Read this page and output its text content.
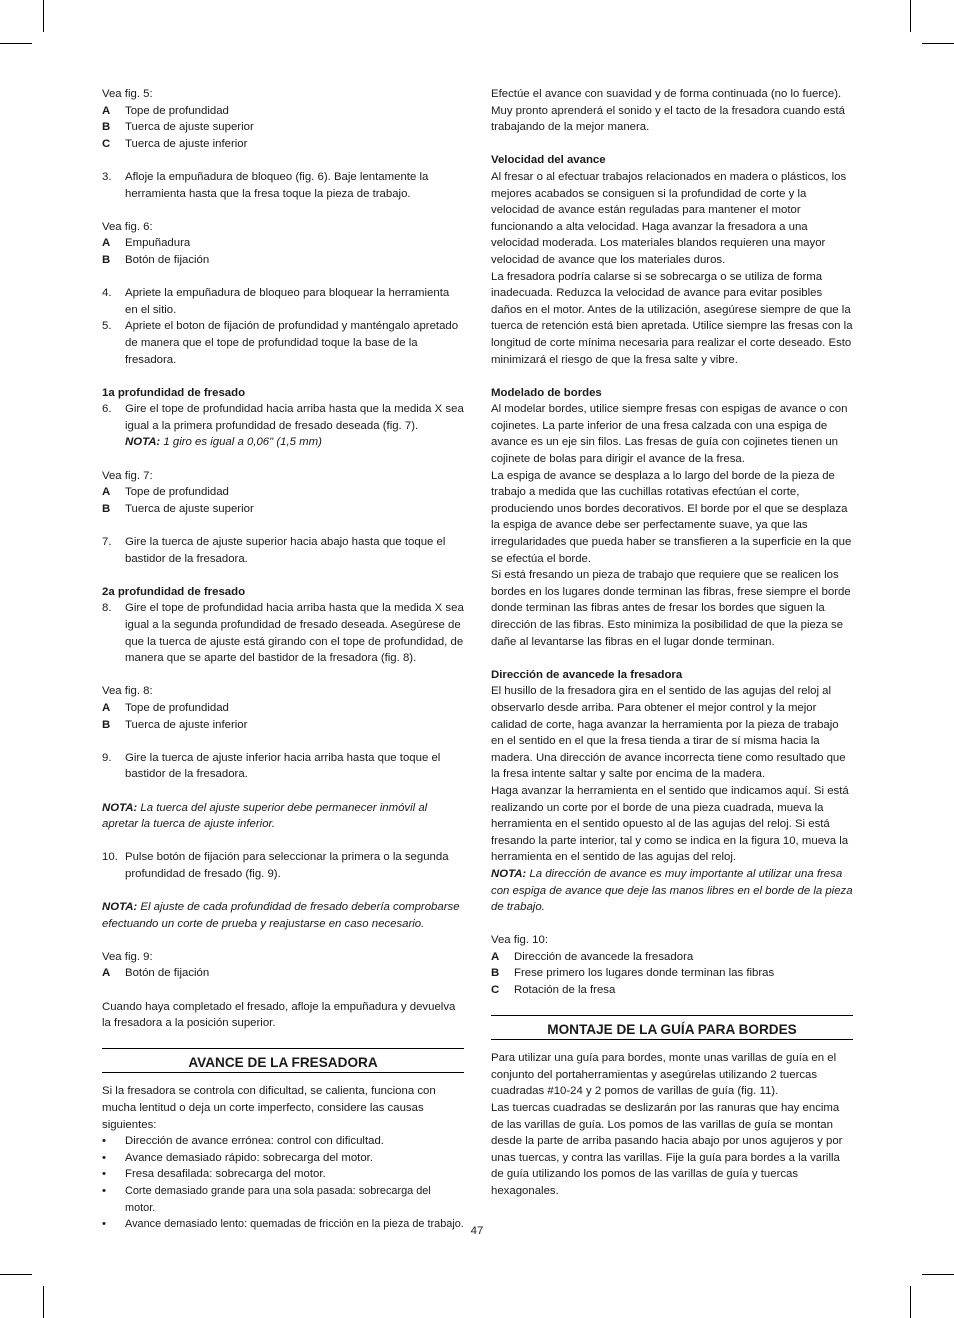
Vea fig. 5:
A	Tope de profundidad
B	Tuerca de ajuste superior
C	Tuerca de ajuste inferior
3.	Afloje la empuñadura de bloqueo (fig. 6). Baje lentamente la herramienta hasta que la fresa toque la pieza de trabajo.
Vea fig. 6:
A	Empuñadura
B	Botón de fijación
4.	Apriete la empuñadura de bloqueo para bloquear la herramienta en el sitio.
5.	Apriete el boton de fijación de profundidad y manténgalo apretado de manera que el tope de profundidad toque la base de la fresadora.
1a profundidad de fresado
6.	Gire el tope de profundidad hacia arriba hasta que la medida X sea igual a la primera profundidad de fresado deseada (fig. 7).
NOTA: 1 giro es igual a 0,06" (1,5 mm)
Vea fig. 7:
A	Tope de profundidad
B	Tuerca de ajuste superior
7.	Gire la tuerca de ajuste superior hacia abajo hasta que toque el bastidor de la fresadora.
2a profundidad de fresado
8.	Gire el tope de profundidad hacia arriba hasta que la medida X sea igual a la segunda profundidad de fresado deseada. Asegúrese de que la tuerca de ajuste está girando con el tope de profundidad, de manera que se aparte del bastidor de la fresadora (fig. 8).
Vea fig. 8:
A	Tope de profundidad
B	Tuerca de ajuste inferior
9.	Gire la tuerca de ajuste inferior hacia arriba hasta que toque el bastidor de la fresadora.
NOTA: La tuerca del ajuste superior debe permanecer inmóvil al apretar la tuerca de ajuste inferior.
10. Pulse botón de fijación para seleccionar la primera o la segunda profundidad de fresado (fig. 9).
NOTA: El ajuste de cada profundidad de fresado debería comprobarse efectuando un corte de prueba y reajustarse en caso necesario.
Vea fig. 9:
A	Botón de fijación
Cuando haya completado el fresado, afloje la empuñadura y devuelva la fresadora a la posición superior.
AVANCE DE LA FRESADORA
Si la fresadora se controla con dificultad, se calienta, funciona con mucha lentitud o deja un corte imperfecto, considere las causas siguientes:
•	Dirección de avance errónea: control con dificultad.
•	Avance demasiado rápido: sobrecarga del motor.
•	Fresa desafilada: sobrecarga del motor.
•	Corte demasiado grande para una sola pasada: sobrecarga del motor.
•	Avance demasiado lento: quemadas de fricción en la pieza de trabajo.
Efectúe el avance con suavidad y de forma continuada (no lo fuerce). Muy pronto aprenderá el sonido y el tacto de la fresadora cuando está trabajando de la mejor manera.
Velocidad del avance
Al fresar o al efectuar trabajos relacionados en madera o plásticos, los mejores acabados se consiguen si la profundidad de corte y la velocidad de avance están reguladas para mantener el motor funcionando a alta velocidad. Haga avanzar la fresadora a una velocidad moderada. Los materiales blandos requieren una mayor velocidad de avance que los materiales duros.
La fresadora podría calarse si se sobrecarga o se utiliza de forma inadecuada. Reduzca la velocidad de avance para evitar posibles daños en el motor. Antes de la utilización, asegúrese siempre de que la tuerca de retención está bien apretada. Utilice siempre las fresas con la longitud de corte mínima necesaria para realizar el corte deseado. Esto minimizará el riesgo de que la fresa salte y vibre.
Modelado de bordes
Al modelar bordes, utilice siempre fresas con espigas de avance o con cojinetes. La parte inferior de una fresa calzada con una espiga de avance es un eje sin filos. Las fresas de guía con cojinetes tienen un cojinete de bolas para dirigir el avance de la fresa.
La espiga de avance se desplaza a lo largo del borde de la pieza de trabajo a medida que las cuchillas rotativas efectúan el corte, produciendo unos bordes decorativos. El borde por el que se desplaza la espiga de avance debe ser perfectamente suave, ya que las irregularidades que pueda haber se transfieren a la superficie en la que se efectúa el borde.
Si está fresando un pieza de trabajo que requiere que se realicen los bordes en los lugares donde terminan las fibras, frese siempre el borde donde terminan las fibras antes de fresar los bordes que siguen la dirección de las fibras. Esto minimiza la posibilidad de que la pieza se dañe al levantarse las fibras en el lugar donde terminan.
Dirección de avancede la fresadora
El husillo de la fresadora gira en el sentido de las agujas del reloj al observarlo desde arriba. Para obtener el mejor control y la mejor calidad de corte, haga avanzar la herramienta por la pieza de trabajo en el sentido en el que la fresa tienda a tirar de sí misma hacia la madera. Una dirección de avance incorrecta tiene como resultado que la fresa intente saltar y salte por encima de la madera.
Haga avanzar la herramienta en el sentido que indicamos aquí. Si está realizando un corte por el borde de una pieza cuadrada, mueva la herramienta en el sentido opuesto al de las agujas del reloj. Si está fresando la parte interior, tal y como se indica en la figura 10, mueva la herramienta en el sentido de las agujas del reloj.
NOTA: La dirección de avance es muy importante al utilizar una fresa con espiga de avance que deje las manos libres en el borde de la pieza de trabajo.
Vea fig. 10:
A	Dirección de avancede la fresadora
B	Frese primero los lugares donde terminan las fibras
C	Rotación de la fresa
MONTAJE DE LA GUÍA PARA BORDES
Para utilizar una guía para bordes, monte unas varillas de guía en el conjunto del portaherramientas y asegúrelas utilizando 2 tuercas cuadradas #10-24 y 2 pomos de varillas de guía (fig. 11).
Las tuercas cuadradas se deslizarán por las ranuras que hay encima de las varillas de guía. Los pomos de las varillas de guía se montan desde la parte de arriba pasando hacia abajo por unos agujeros y por unas tuercas, y contra las varillas. Fije la guía para bordes a la varilla de guía utilizando los pomos de las varillas de guía y tuercas hexagonales.
47
